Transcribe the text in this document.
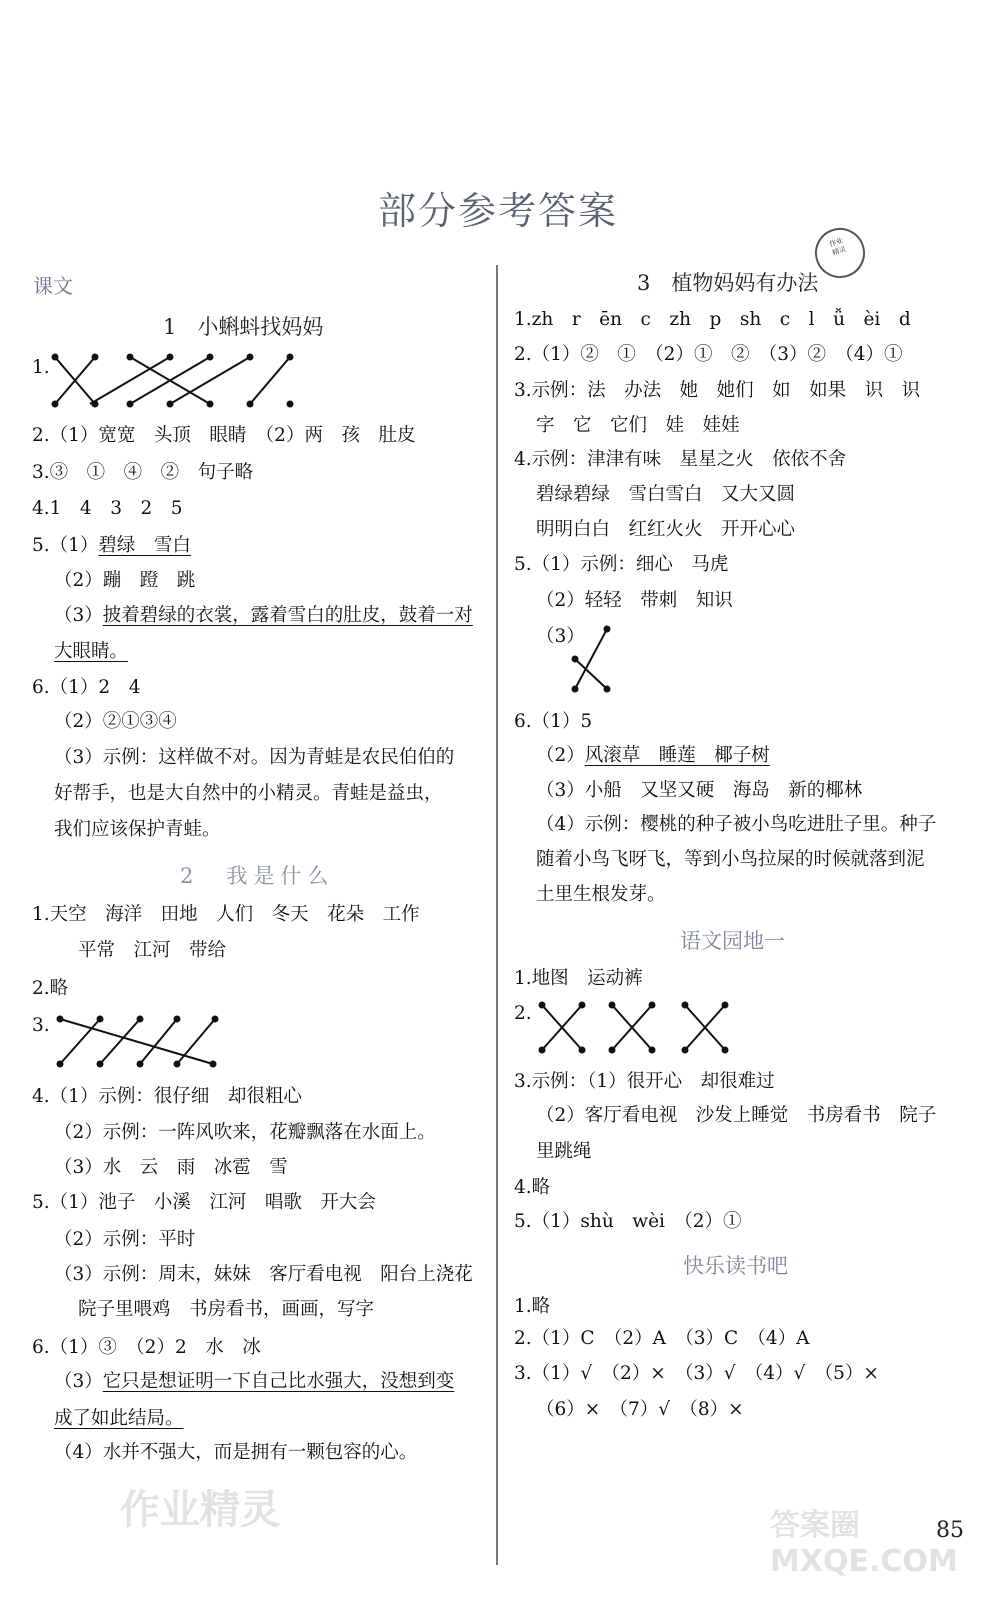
部分参考答案
作业
精灵
课文
1　小蝌蚪找妈妈
1.
2.（1）宽宽　头顶　眼睛　（2）两　孩　肚皮
3.③　①　④　②　句子略
4.1　4　3　2　5
5.（1）碧绿　雪白
（2）蹦　蹬　跳
（3）披着碧绿的衣裳，露着雪白的肚皮，鼓着一对
大眼睛。
6.（1）2　4
（2）②①③④
（3）示例：这样做不对。因为青蛙是农民伯伯的
好帮手，也是大自然中的小精灵。青蛙是益虫，
我们应该保护青蛙。
2　我是什么
1.天空　海洋　田地　人们　冬天　花朵　工作
平常　江河　带给
2.略
3.
4.（1）示例：很仔细　却很粗心
（2）示例：一阵风吹来，花瓣飘落在水面上。
（3）水　云　雨　冰雹　雪
5.（1）池子　小溪　江河　唱歌　开大会
（2）示例：平时
（3）示例：周末，妹妹　客厅看电视　阳台上浇花
院子里喂鸡　书房看书，画画，写字
6.（1）③　（2）2　水　冰
（3）它只是想证明一下自己比水强大，没想到变
成了如此结局。
（4）水并不强大，而是拥有一颗包容的心。
作业精灵
3　植物妈妈有办法
1.zh　r　ēn　c　zh　p　sh　c　l　ǚ　èi　d
2.（1）②　①　（2）①　②　（3）②　（4）①
3.示例：法　办法　她　她们　如　如果　识　识
字　它　它们　娃　娃娃
4.示例：津津有味　星星之火　依依不舍
碧绿碧绿　雪白雪白　又大又圆
明明白白　红红火火　开开心心
5.（1）示例：细心　马虎
（2）轻轻　带刺　知识
（3）
6.（1）5
（2）风滚草　睡莲　椰子树
（3）小船　又坚又硬　海岛　新的椰林
（4）示例：樱桃的种子被小鸟吃进肚子里。种子
随着小鸟飞呀飞，等到小鸟拉屎的时候就落到泥
土里生根发芽。
语文园地一
1.地图　运动裤
2.
3.示例：（1）很开心　却很难过
（2）客厅看电视　沙发上睡觉　书房看书　院子
里跳绳
4.略
5.（1）shù　wèi　（2）①
快乐读书吧
1.略
2.（1）C　（2）A　（3）C　（4）A
3.（1）√　（2）×　（3）√　（4）√　（5）×
（6）×　（7）√　（8）×
答案圈 MXQE.COM
85
